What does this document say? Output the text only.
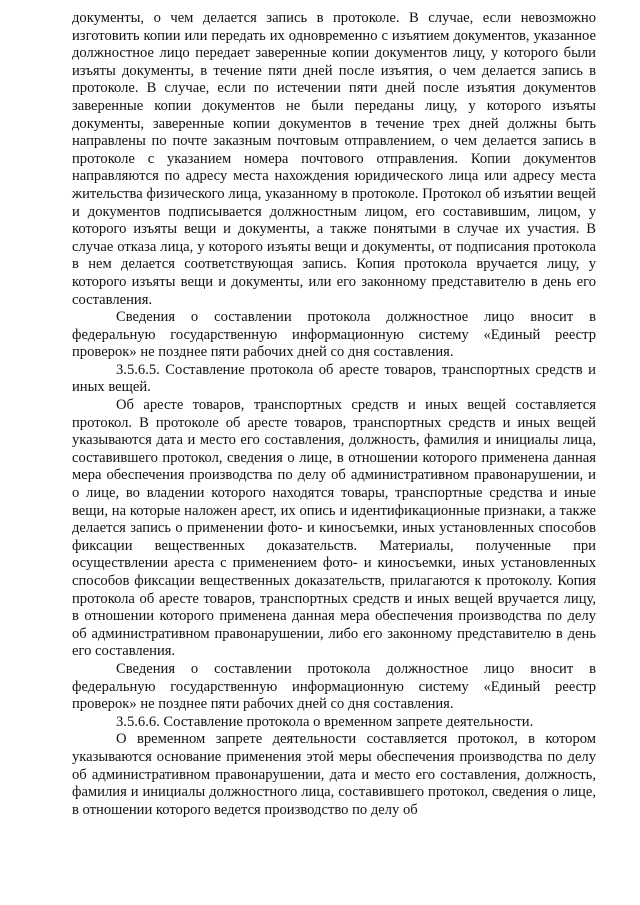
документы, о чем делается запись в протоколе. В случае, если невозможно изготовить копии или передать их одновременно с изъятием документов, указанное должностное лицо передает заверенные копии документов лицу, у которого были изъяты документы, в течение пяти дней после изъятия, о чем делается запись в протоколе. В случае, если по истечении пяти дней после изъятия документов заверенные копии документов не были переданы лицу, у которого изъяты документы, заверенные копии документов в течение трех дней должны быть направлены по почте заказным почтовым отправлением, о чем делается запись в протоколе с указанием номера почтового отправления. Копии документов направляются по адресу места нахождения юридического лица или адресу места жительства физического лица, указанному в протоколе. Протокол об изъятии вещей и документов подписывается должностным лицом, его составившим, лицом, у которого изъяты вещи и документы, а также понятыми в случае их участия. В случае отказа лица, у которого изъяты вещи и документы, от подписания протокола в нем делается соответствующая запись. Копия протокола вручается лицу, у которого изъяты вещи и документы, или его законному представителю в день его составления.

Сведения о составлении протокола должностное лицо вносит в федеральную государственную информационную систему «Единый реестр проверок» не позднее пяти рабочих дней со дня составления.

3.5.6.5. Составление протокола об аресте товаров, транспортных средств и иных вещей.

Об аресте товаров, транспортных средств и иных вещей составляется протокол. В протоколе об аресте товаров, транспортных средств и иных вещей указываются дата и место его составления, должность, фамилия и инициалы лица, составившего протокол, сведения о лице, в отношении которого применена данная мера обеспечения производства по делу об административном правонарушении, и о лице, во владении которого находятся товары, транспортные средства и иные вещи, на которые наложен арест, их опись и идентификационные признаки, а также делается запись о применении фото- и киносъемки, иных установленных способов фиксации вещественных доказательств. Материалы, полученные при осуществлении ареста с применением фото- и киносъемки, иных установленных способов фиксации вещественных доказательств, прилагаются к протоколу. Копия протокола об аресте товаров, транспортных средств и иных вещей вручается лицу, в отношении которого применена данная мера обеспечения производства по делу об административном правонарушении, либо его законному представителю в день его составления.

Сведения о составлении протокола должностное лицо вносит в федеральную государственную информационную систему «Единый реестр проверок» не позднее пяти рабочих дней со дня составления.

3.5.6.6. Составление протокола о временном запрете деятельности.

О временном запрете деятельности составляется протокол, в котором указываются основание применения этой меры обеспечения производства по делу об административном правонарушении, дата и место его составления, должность, фамилия и инициалы должностного лица, составившего протокол, сведения о лице, в отношении которого ведется производство по делу об
